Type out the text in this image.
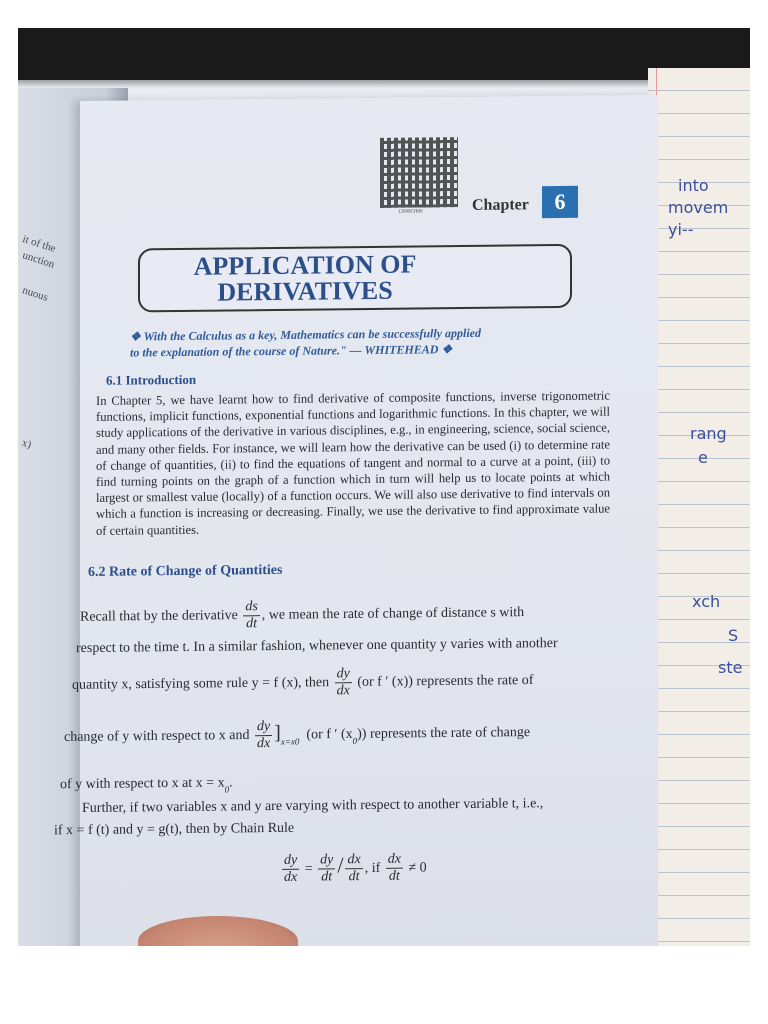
it of the
unction
nuous
x)
into
movem
yi--
rang
e
xch
S
ste
12099CH06	Chapter	6
APPLICATION OF
DERIVATIVES
❖ With the Calculus as a key, Mathematics can be successfully applied
to the explanation of the course of Nature." — WHITEHEAD ❖
6.1 Introduction
In Chapter 5, we have learnt how to find derivative of composite functions, inverse trigonometric functions, implicit functions, exponential functions and logarithmic functions. In this chapter, we will study applications of the derivative in various disciplines, e.g., in engineering, science, social science, and many other fields. For instance, we will learn how the derivative can be used (i) to determine rate of change of quantities, (ii) to find the equations of tangent and normal to a curve at a point, (iii) to find turning points on the graph of a function which in turn will help us to locate points at which largest or smallest value (locally) of a function occurs. We will also use derivative to find intervals on which a function is increasing or decreasing. Finally, we use the derivative to find approximate value of certain quantities.
6.2 Rate of Change of Quantities
Recall that by the derivative $\frac{ds}{dt}$ , we mean the rate of change of distance s with
respect to the time t. In a similar fashion, whenever one quantity y varies with another
quantity x, satisfying some rule y = f (x), then $\frac{dy}{dx} (or$ f ′ (x)) represents the rate of
change of y with respect to x and $\frac{dy}{dx} ]_{x=x0}$ (or f ′ $(x_0)$) represents the rate of change
of y with respect to x at $x = x_0$.
Further, if two variables x and y are varying with respect to another variable t, i.e.,
if x = f (t) and y = g(t), then by Chain Rule
$\frac{dy}{dx} = \frac{dy}{dt} / \frac{dx}{dt}$ , if $\frac{dx}{dt} \ne 0$
